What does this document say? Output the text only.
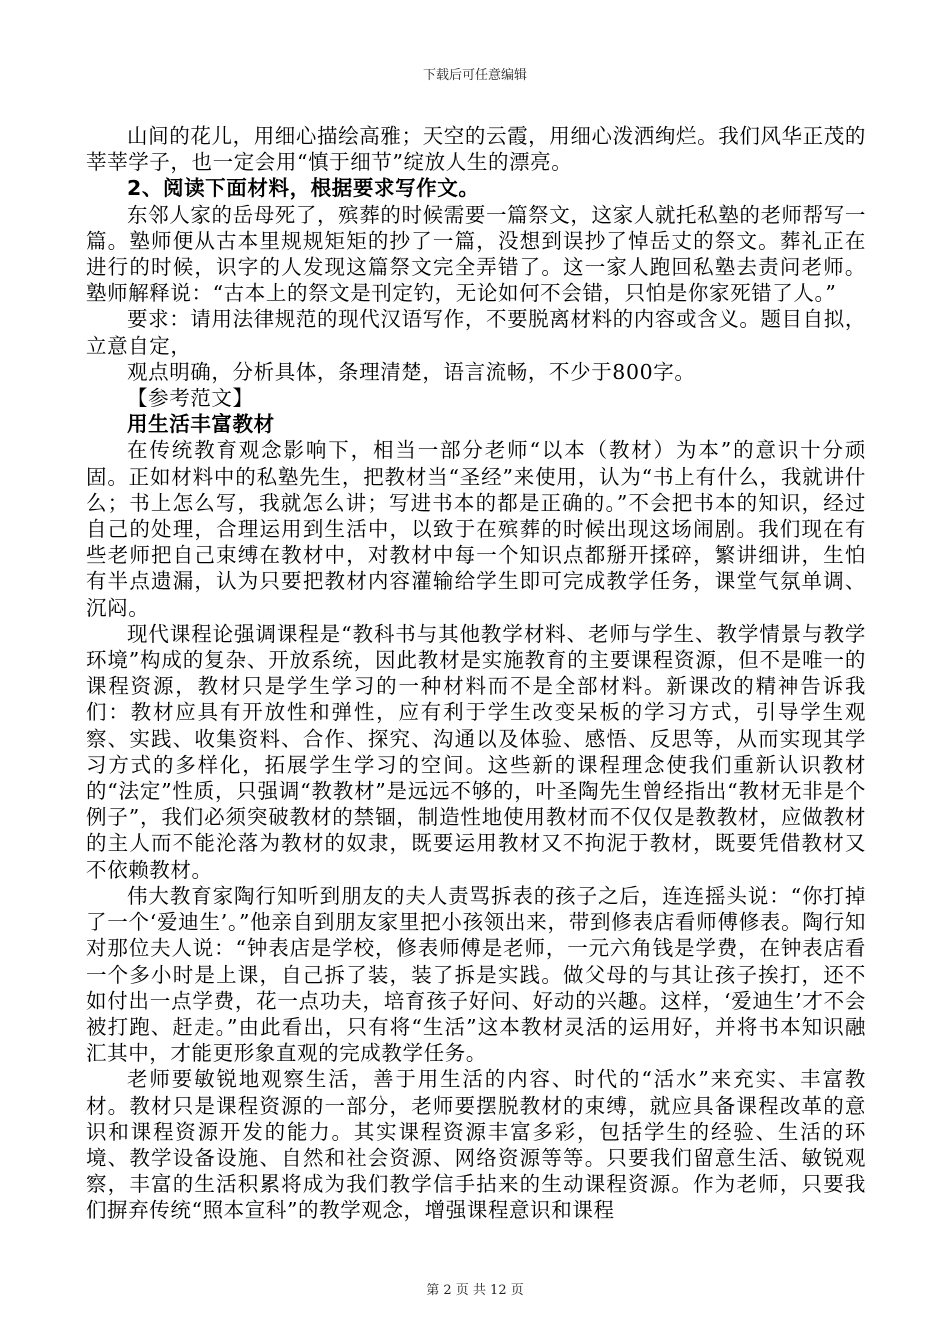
下载后可任意编辑

山间的花儿，用细心描绘高雅；天空的云霞，用细心泼洒绚烂。我们风华正茂的莘莘学子，也一定会用“慎于细节”绽放人生的漂亮。

2、阅读下面材料，根据要求写作文。

东邻人家的岳母死了，殡葬的时候需要一篇祭文，这家人就托私塾的老师帮写一篇。塾师便从古本里规规矩矩的抄了一篇，没想到误抄了悼岳丈的祭文。葬礼正在进行的时候，识字的人发现这篇祭文完全弄错了。这一家人跑回私塾去责问老师。塾师解释说：“古本上的祭文是刊定钓，无论如何不会错，只怕是你家死错了人。”

要求：请用法律规范的现代汉语写作，不要脱离材料的内容或含义。题目自拟，立意自定，

观点明确，分析具体，条理清楚，语言流畅，不少于800字。

【参考范文】

用生活丰富教材

在传统教育观念影响下，相当一部分老师“以本（教材）为本”的意识十分顽固。正如材料中的私塾先生，把教材当“圣经”来使用，认为“书上有什么，我就讲什么；书上怎么写，我就怎么讲；写进书本的都是正确的。”不会把书本的知识，经过自己的处理，合理运用到生活中，以致于在殡葬的时候出现这场闹剧。我们现在有些老师把自己束缚在教材中，对教材中每一个知识点都掰开揉碎，繁讲细讲，生怕有半点遗漏，认为只要把教材内容灌输给学生即可完成教学任务，课堂气氛单调、沉闷。

现代课程论强调课程是“教科书与其他教学材料、老师与学生、教学情景与教学环境”构成的复杂、开放系统，因此教材是实施教育的主要课程资源，但不是唯一的课程资源，教材只是学生学习的一种材料而不是全部材料。新课改的精神告诉我们：教材应具有开放性和弹性，应有利于学生改变呆板的学习方式，引导学生观察、实践、收集资料、合作、探究、沟通以及体验、感悟、反思等，从而实现其学习方式的多样化，拓展学生学习的空间。这些新的课程理念使我们重新认识教材的“法定”性质，只强调“教教材”是远远不够的，叶圣陶先生曾经指出“教材无非是个例子”，我们必须突破教材的禁锢，制造性地使用教材而不仅仅是教教材，应做教材的主人而不能沦落为教材的奴隶，既要运用教材又不拘泥于教材，既要凭借教材又不依赖教材。

伟大教育家陶行知听到朋友的夫人责骂拆表的孩子之后，连连摇头说：“你打掉了一个‘爱迪生’。”他亲自到朋友家里把小孩领出来，带到修表店看师傅修表。陶行知对那位夫人说：“钟表店是学校，修表师傅是老师，一元六角钱是学费，在钟表店看一个多小时是上课，自己拆了装，装了拆是实践。做父母的与其让孩子挨打，还不如付出一点学费，花一点功夫，培育孩子好问、好动的兴趣。这样，‘爱迪生’才不会被打跑、赶走。”由此看出，只有将“生活”这本教材灵活的运用好，并将书本知识融汇其中，才能更形象直观的完成教学任务。

老师要敏锐地观察生活，善于用生活的内容、时代的“活水”来充实、丰富教材。教材只是课程资源的一部分，老师要摆脱教材的束缚，就应具备课程改革的意识和课程资源开发的能力。其实课程资源丰富多彩，包括学生的经验、生活的环境、教学设备设施、自然和社会资源、网络资源等等。只要我们留意生活、敏锐观察，丰富的生活积累将成为我们教学信手拈来的生动课程资源。作为老师，只要我们摒弃传统“照本宣科”的教学观念，增强课程意识和课程

第 2 页 共 12 页
